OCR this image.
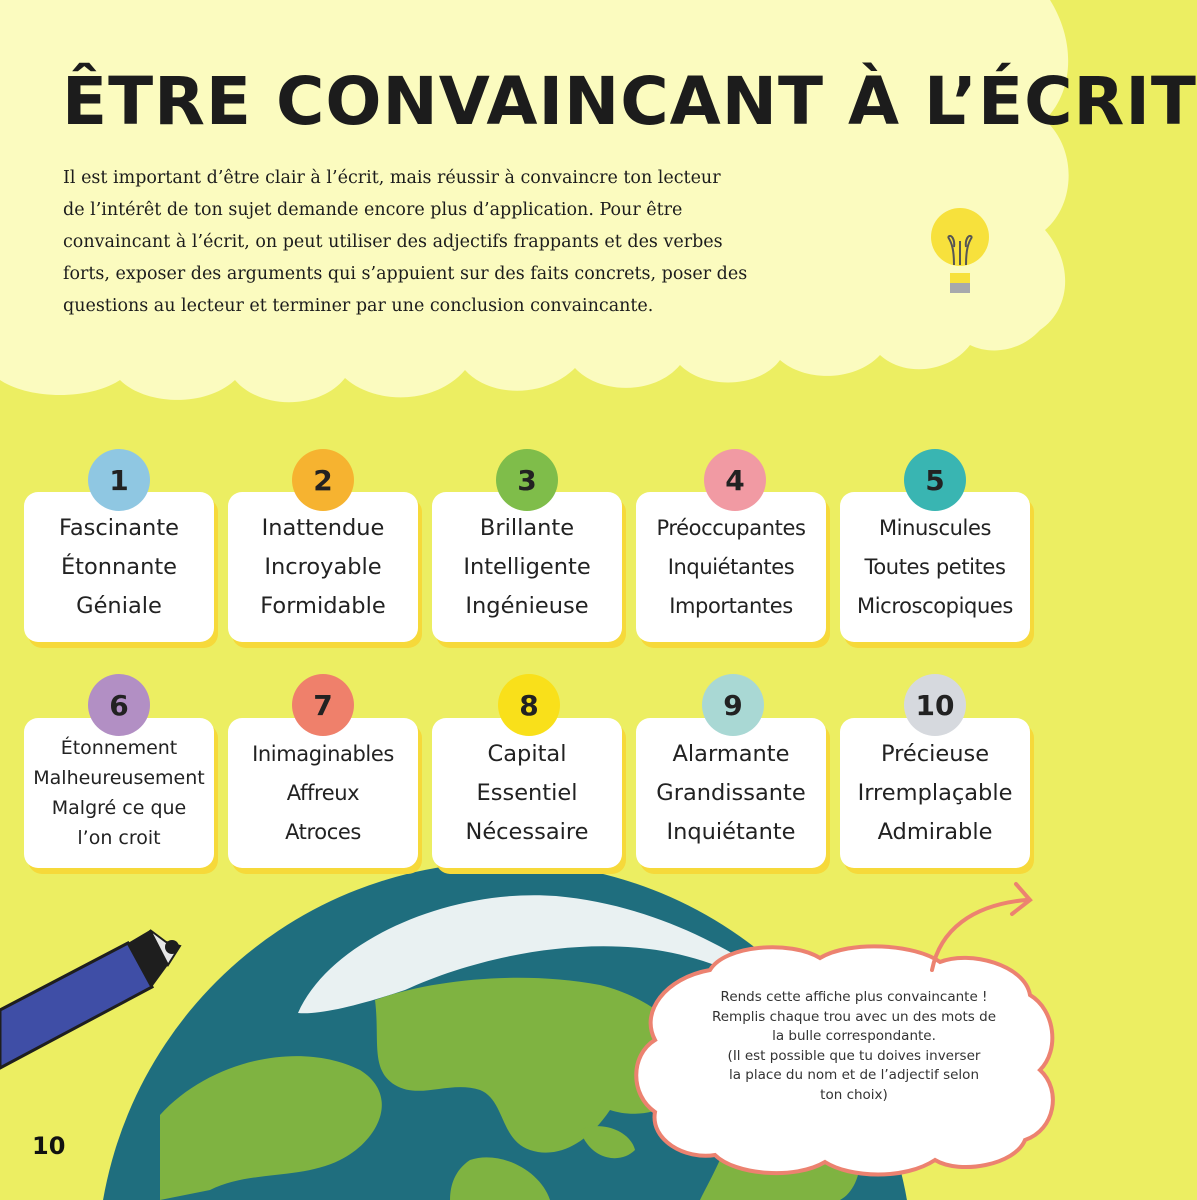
ÊTRE CONVAINCANT À L’ÉCRIT
Il est important d’être clair à l’écrit, mais réussir à convaincre ton lecteur
de l’intérêt de ton sujet demande encore plus d’application. Pour être
convaincant à l’écrit, on peut utiliser des adjectifs frappants et des verbes
forts, exposer des arguments qui s’appuient sur des faits concrets, poser des
questions au lecteur et terminer par une conclusion convaincante.
Fascinante
Étonnante
Géniale
1
Inattendue
Incroyable
Formidable
2
Brillante
Intelligente
Ingénieuse
3
Préoccupantes
Inquiétantes
Importantes
4
Minuscules
Toutes petites
Microscopiques
5
Étonnement
Malheureusement
Malgré ce que
l’on croit
6
Inimaginables
Affreux
Atroces
7
Capital
Essentiel
Nécessaire
8
Alarmante
Grandissante
Inquiétante
9
Précieuse
Irremplaçable
Admirable
10
Rends cette affiche plus convaincante !
Remplis chaque trou avec un des mots de
la bulle correspondante.
(Il est possible que tu doives inverser
la place du nom et de l’adjectif selon
ton choix)
10
